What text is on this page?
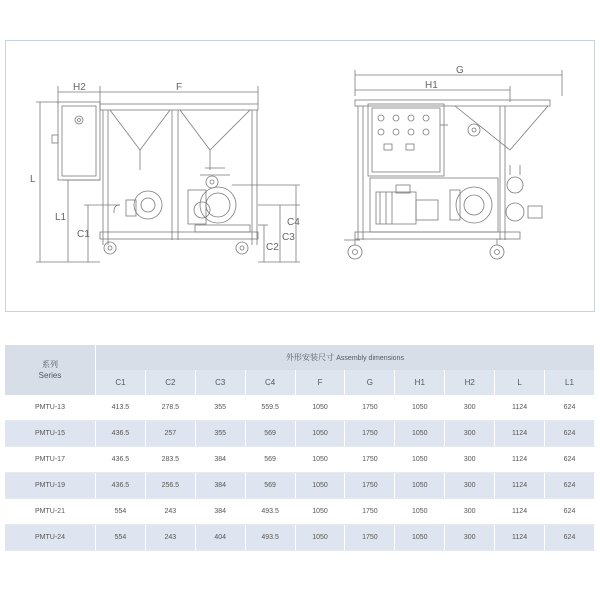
H2	F
L
L1
C1
C2
C3
C4
G
H1
系列
Series	外形安装尺寸 Assembly dimensions									
	C1	C2	C3	C4	F	G	H1	H2	L	L1
PMTU-13	413.5	278.5	355	559.5	1050	1750	1050	300	1124	624
PMTU-15	436.5	257	355	569	1050	1750	1050	300	1124	624
PMTU-17	436.5	283.5	384	569	1050	1750	1050	300	1124	624
PMTU-19	436.5	256.5	384	569	1050	1750	1050	300	1124	624
PMTU-21	554	243	384	493.5	1050	1750	1050	300	1124	624
PMTU-24	554	243	404	493.5	1050	1750	1050	300	1124	624
